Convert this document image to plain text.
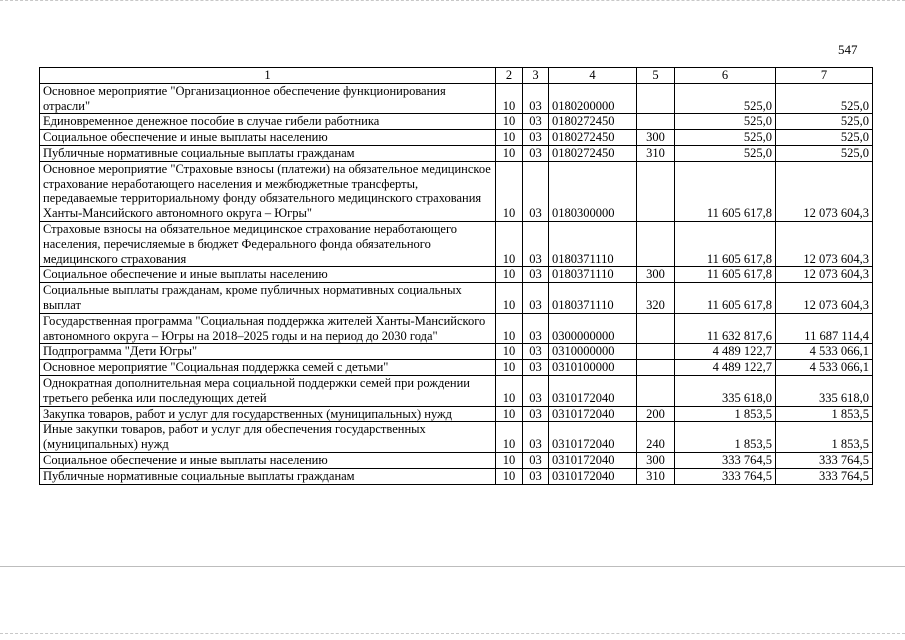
547
1	2	3	4	5	6	7
Основное мероприятие "Организационное обеспечение функционирования отрасли"	10	03	0180200000		525,0	525,0
Единовременное денежное пособие в случае гибели работника	10	03	0180272450		525,0	525,0
Социальное обеспечение и иные выплаты населению	10	03	0180272450	300	525,0	525,0
Публичные нормативные социальные выплаты гражданам	10	03	0180272450	310	525,0	525,0
Основное мероприятие "Страховые взносы (платежи) на обязательное медицинское страхование неработающего населения и межбюджетные трансферты, передаваемые территориальному фонду обязательного медицинского страхования Ханты-Мансийского автономного округа – Югры"	10	03	0180300000		11 605 617,8	12 073 604,3
Страховые взносы на обязательное медицинское страхование неработающего населения, перечисляемые в бюджет Федерального фонда обязательного медицинского страхования	10	03	0180371110		11 605 617,8	12 073 604,3
Социальное обеспечение и иные выплаты населению	10	03	0180371110	300	11 605 617,8	12 073 604,3
Социальные выплаты гражданам, кроме публичных нормативных социальных выплат	10	03	0180371110	320	11 605 617,8	12 073 604,3
Государственная программа "Социальная поддержка жителей Ханты-Мансийского автономного округа – Югры на 2018–2025 годы и на период до 2030 года"	10	03	0300000000		11 632 817,6	11 687 114,4
Подпрограмма "Дети Югры"	10	03	0310000000		4 489 122,7	4 533 066,1
Основное мероприятие "Социальная поддержка семей с детьми"	10	03	0310100000		4 489 122,7	4 533 066,1
Однократная дополнительная мера социальной поддержки семей при рождении третьего ребенка или последующих детей	10	03	0310172040		335 618,0	335 618,0
Закупка товаров, работ и услуг для государственных (муниципальных) нужд	10	03	0310172040	200	1 853,5	1 853,5
Иные закупки товаров, работ и услуг для обеспечения государственных (муниципальных) нужд	10	03	0310172040	240	1 853,5	1 853,5
Социальное обеспечение и иные выплаты населению	10	03	0310172040	300	333 764,5	333 764,5
Публичные нормативные социальные выплаты гражданам	10	03	0310172040	310	333 764,5	333 764,5
